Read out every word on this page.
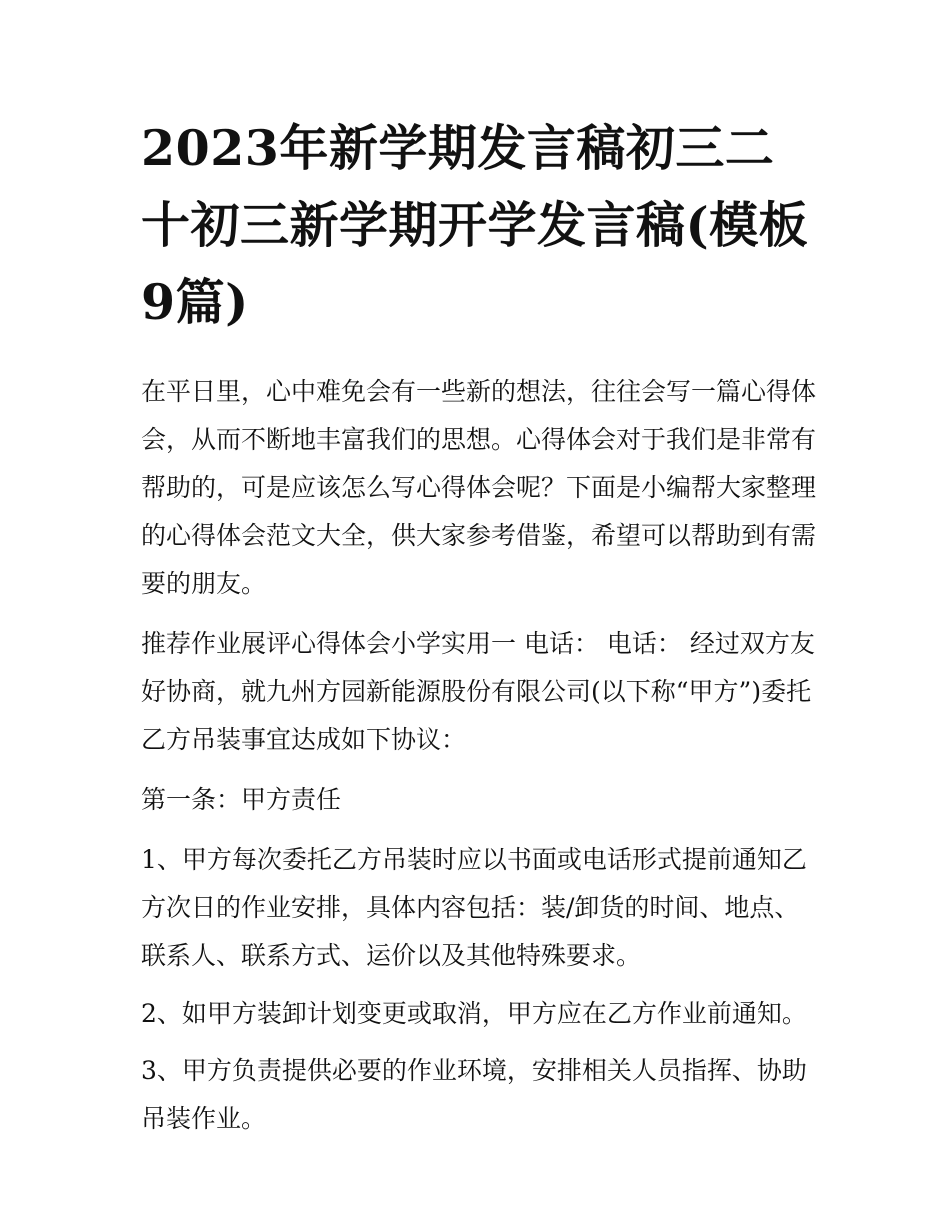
2023年新学期发言稿初三二十初三新学期开学发言稿(模板9篇)

在平日里，心中难免会有一些新的想法，往往会写一篇心得体会，从而不断地丰富我们的思想。心得体会对于我们是非常有帮助的，可是应该怎么写心得体会呢？下面是小编帮大家整理的心得体会范文大全，供大家参考借鉴，希望可以帮助到有需要的朋友。

推荐作业展评心得体会小学实用一 电话： 电话： 经过双方友好协商，就九州方园新能源股份有限公司(以下称“甲方”)委托乙方吊装事宜达成如下协议：

第一条：甲方责任

1、甲方每次委托乙方吊装时应以书面或电话形式提前通知乙方次日的作业安排，具体内容包括：装/卸货的时间、地点、联系人、联系方式、运价以及其他特殊要求。

2、如甲方装卸计划变更或取消，甲方应在乙方作业前通知。

3、甲方负责提供必要的作业环境，安排相关人员指挥、协助吊装作业。
